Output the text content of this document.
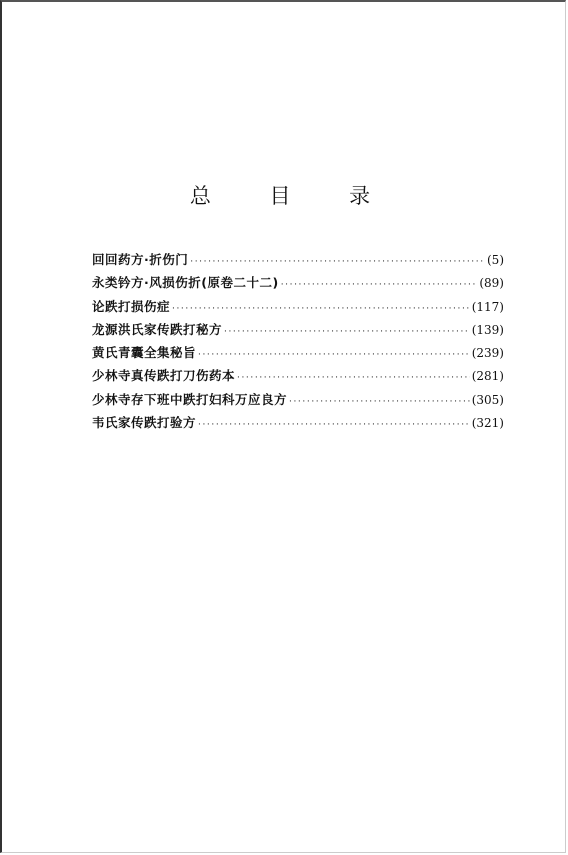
总 目 录
回回药方·折伤门 ·····	(5)
永类钤方·风损伤折(原卷二十二) ·····	(89)
论跌打损伤症 ·····	(117)
龙源洪氏家传跌打秘方 ·····	(139)
黄氏青囊全集秘旨 ·····	(239)
少林寺真传跌打刀伤药本 ·····	(281)
少林寺存下班中跌打妇科万应良方 ·····	(305)
韦氏家传跌打验方 ·····	(321)
